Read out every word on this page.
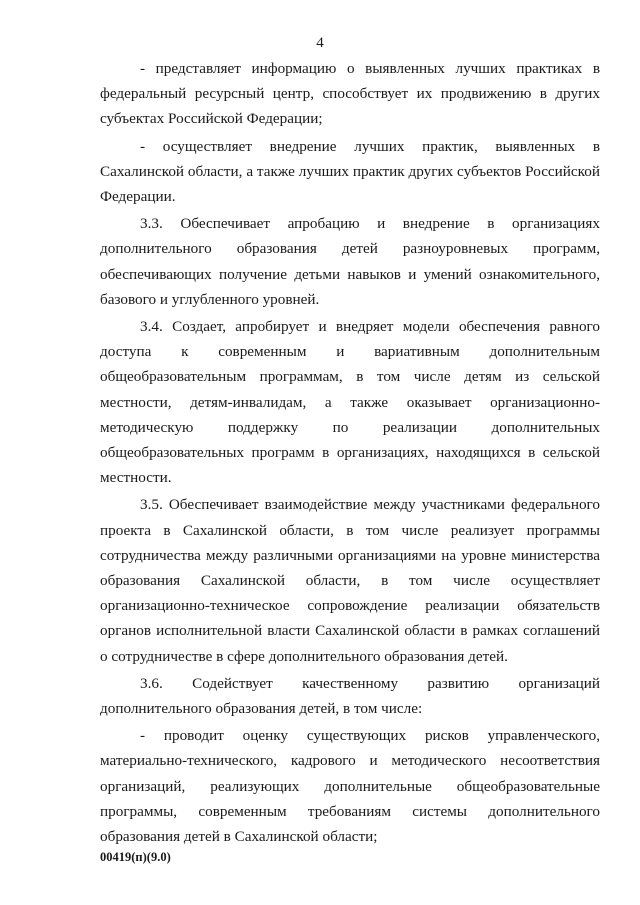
4

- представляет информацию о выявленных лучших практиках в федеральный ресурсный центр, способствует их продвижению в других субъектах Российской Федерации;

- осуществляет внедрение лучших практик, выявленных в Сахалинской области, а также лучших практик других субъектов Российской Федерации.

3.3. Обеспечивает апробацию и внедрение в организациях дополнительного образования детей разноуровневых программ, обеспечивающих получение детьми навыков и умений ознакомительного, базового и углубленного уровней.

3.4. Создает, апробирует и внедряет модели обеспечения равного доступа к современным и вариативным дополнительным общеобразовательным программам, в том числе детям из сельской местности, детям-инвалидам, а также оказывает организационно-методическую поддержку по реализации дополнительных общеобразовательных программ в организациях, находящихся в сельской местности.

3.5. Обеспечивает взаимодействие между участниками федерального проекта в Сахалинской области, в том числе реализует программы сотрудничества между различными организациями на уровне министерства образования Сахалинской области, в том числе осуществляет организационно-техническое сопровождение реализации обязательств органов исполнительной власти Сахалинской области в рамках соглашений о сотрудничестве в сфере дополнительного образования детей.

3.6. Содействует качественному развитию организаций дополнительного образования детей, в том числе:

- проводит оценку существующих рисков управленческого, материально-технического, кадрового и методического несоответствия организаций, реализующих дополнительные общеобразовательные программы, современным требованиям системы дополнительного образования детей в Сахалинской области;

00419(п)(9.0)
